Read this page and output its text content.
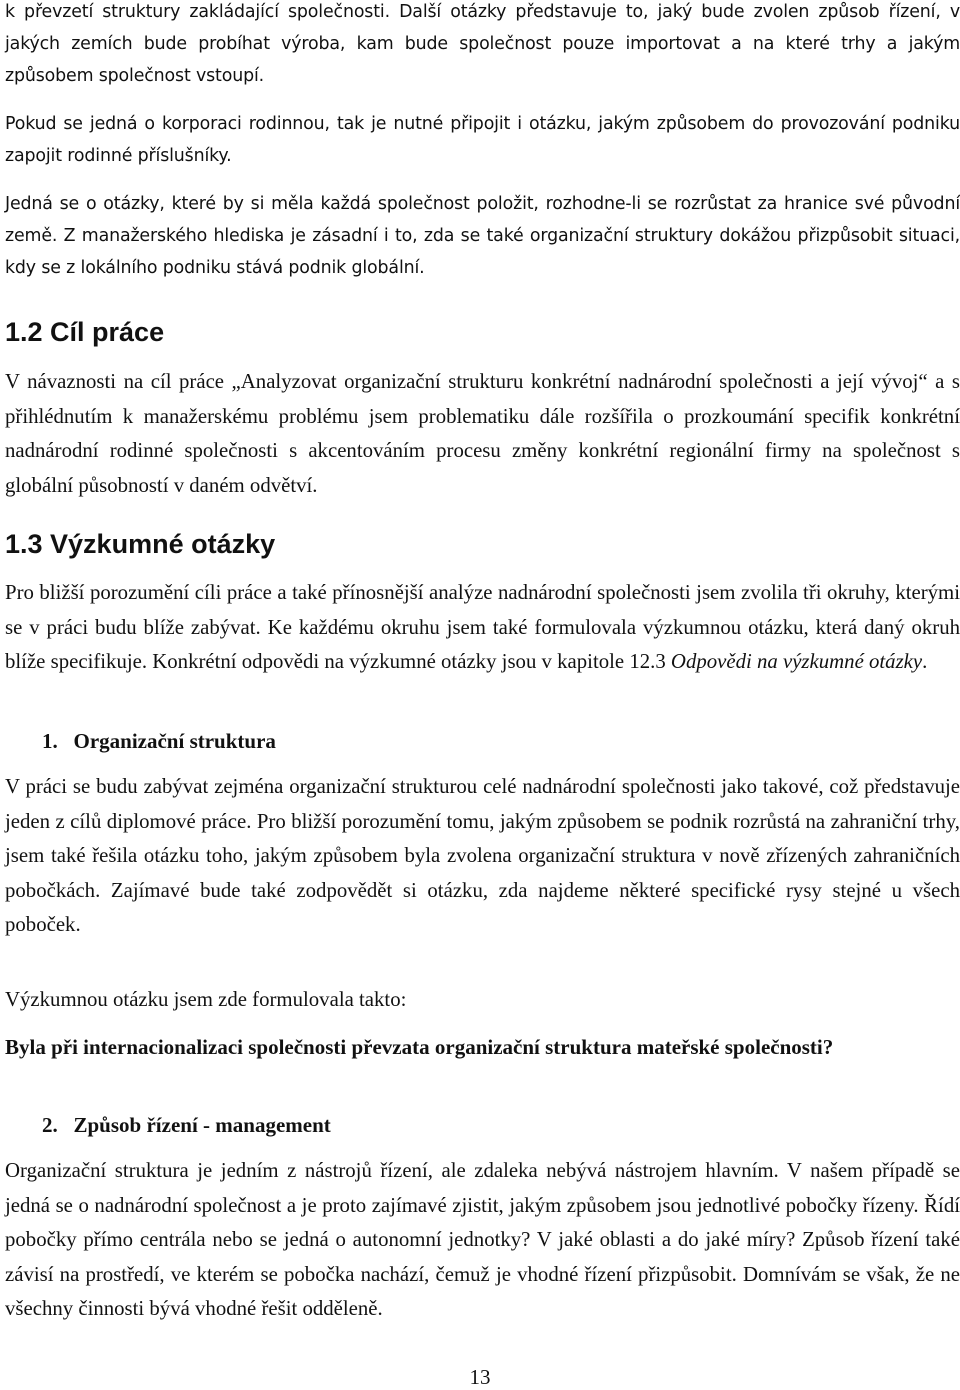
k převzetí struktury zakládající společnosti. Další otázky představuje to, jaký bude zvolen způsob řízení, v jakých zemích bude probíhat výroba, kam bude společnost pouze importovat a na které trhy a jakým způsobem společnost vstoupí.

Pokud se jedná o korporaci rodinnou, tak je nutné připojit i otázku, jakým způsobem do provozování podniku zapojit rodinné příslušníky.

Jedná se o otázky, které by si měla každá společnost položit, rozhodne-li se rozrůstat za hranice své původní země. Z manažerského hlediska je zásadní i to, zda se také organizační struktury dokážou přizpůsobit situaci, kdy se z lokálního podniku stává podnik globální.

1.2 Cíl práce

V návaznosti na cíl práce „Analyzovat organizační strukturu konkrétní nadnárodní společnosti a její vývoj“ a s přihlédnutím k manažerskému problému jsem problematiku dále rozšířila o prozkoumání specifik konkrétní nadnárodní rodinné společnosti s akcentováním procesu změny konkrétní regionální firmy na společnost s globální působností v daném odvětví.

1.3 Výzkumné otázky

Pro bližší porozumění cíli práce a také přínosnější analýze nadnárodní společnosti jsem zvolila tři okruhy, kterými se v práci budu blíže zabývat. Ke každému okruhu jsem také formulovala výzkumnou otázku, která daný okruh blíže specifikuje. Konkrétní odpovědi na výzkumné otázky jsou v kapitole 12.3 Odpovědi na výzkumné otázky.

1.   Organizační struktura

V práci se budu zabývat zejména organizační strukturou celé nadnárodní společnosti jako takové, což představuje jeden z cílů diplomové práce. Pro bližší porozumění tomu, jakým způsobem se podnik rozrůstá na zahraniční trhy, jsem také řešila otázku toho, jakým způsobem byla zvolena organizační struktura v nově zřízených zahraničních pobočkách. Zajímavé bude také zodpovědět si otázku, zda najdeme některé specifické rysy stejné u všech poboček.

Výzkumnou otázku jsem zde formulovala takto:

Byla při internacionalizaci společnosti převzata organizační struktura mateřské společnosti?

2.   Způsob řízení - management

Organizační struktura je jedním z nástrojů řízení, ale zdaleka nebývá nástrojem hlavním. V našem případě se jedná se o nadnárodní společnost a je proto zajímavé zjistit, jakým způsobem jsou jednotlivé pobočky řízeny. Řídí pobočky přímo centrála nebo se jedná o autonomní jednotky? V jaké oblasti a do jaké míry? Způsob řízení také závisí na prostředí, ve kterém se pobočka nachází, čemuž je vhodné řízení přizpůsobit. Domnívám se však, že ne všechny činnosti bývá vhodné řešit odděleně.

13
